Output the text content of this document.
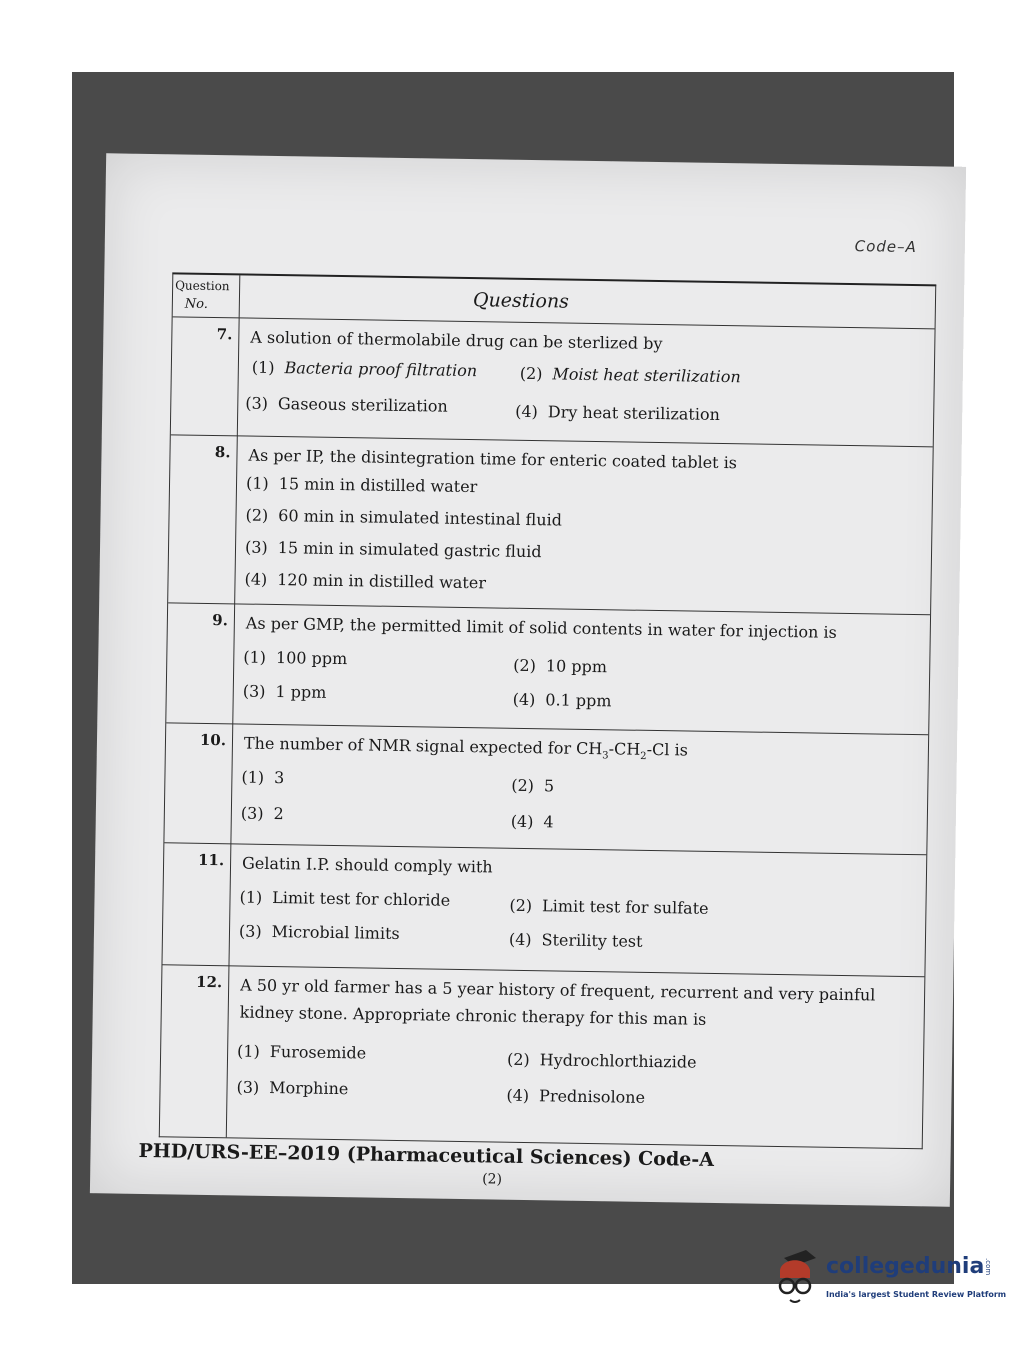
Code–A
Question
No.	Questions
7. A solution of thermolabile drug can be sterlized by
(1) Bacteria proof filtration	(2) Moist heat sterilization
(3) Gaseous sterilization	(4) Dry heat sterilization
8. As per IP, the disintegration time for enteric coated tablet is
(1) 15 min in distilled water
(2) 60 min in simulated intestinal fluid
(3) 15 min in simulated gastric fluid
(4) 120 min in distilled water
9. As per GMP, the permitted limit of solid contents in water for injection is
(1) 100 ppm	(2) 10 ppm
(3) 1 ppm	(4) 0.1 ppm
10. The number of NMR signal expected for $CH_3-CH_2-Cl$ is
(1) 3	(2) 5
(3) 2	(4) 4
11. Gelatin I.P. should comply with
(1) Limit test for chloride	(2) Limit test for sulfate
(3) Microbial limits	(4) Sterility test
12. A 50 yr old farmer has a 5 year history of frequent, recurrent and very painful kidney stone. Appropriate chronic therapy for this man is
(1) Furosemide	(2) Hydrochlorthiazide
(3) Morphine	(4) Prednisolone
PHD/URS-EE–2019 (Pharmaceutical Sciences) Code-A
(2)
collegedunia .com
India's largest Student Review Platform
